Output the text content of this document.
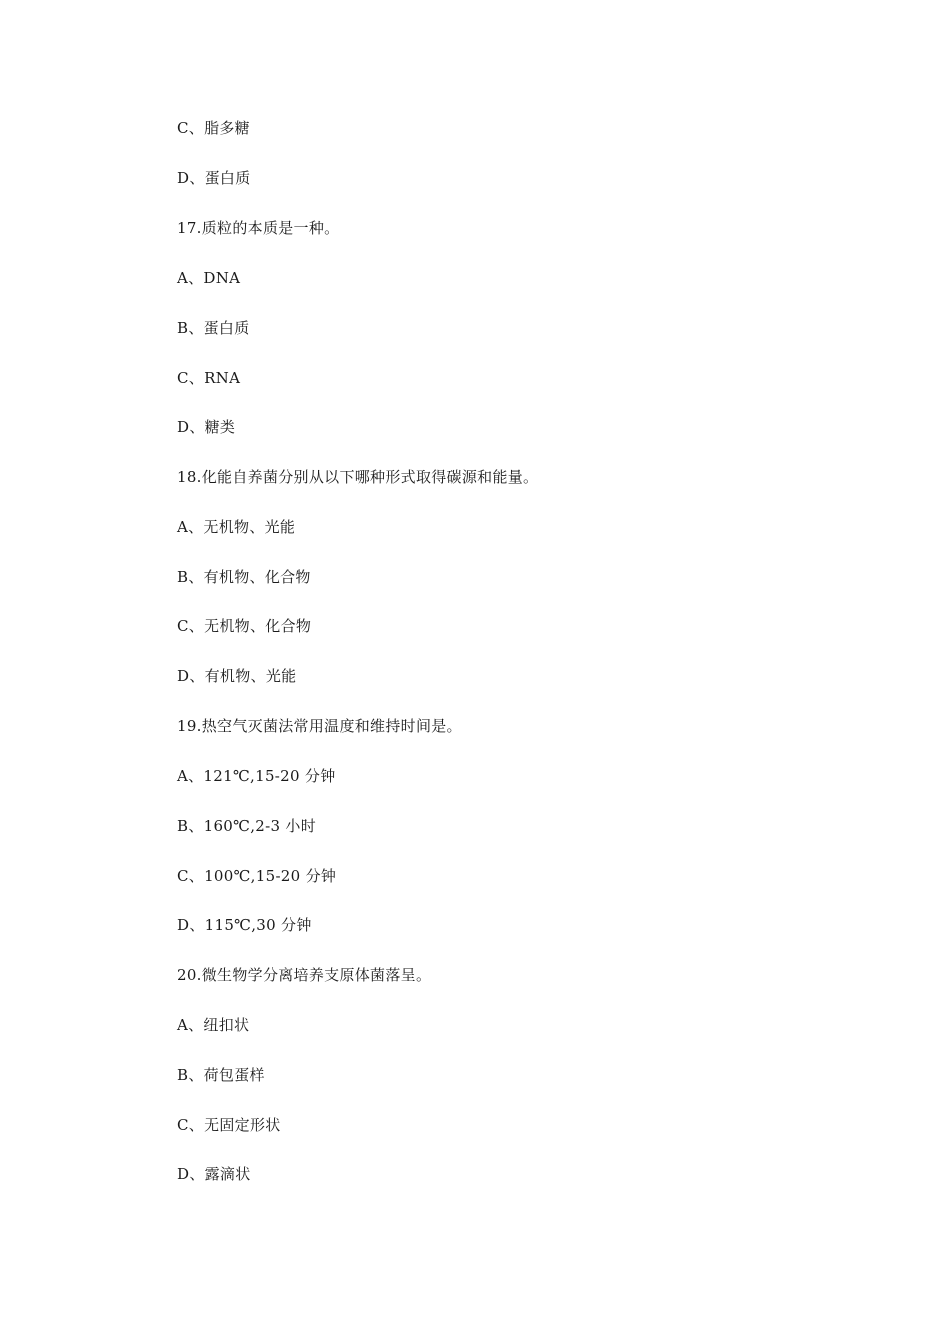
C、脂多糖
D、蛋白质
17.质粒的本质是一种。
A、DNA
B、蛋白质
C、RNA
D、糖类
18.化能自养菌分别从以下哪种形式取得碳源和能量。
A、无机物、光能
B、有机物、化合物
C、无机物、化合物
D、有机物、光能
19.热空气灭菌法常用温度和维持时间是。
A、121℃,15-20 分钟
B、160℃,2-3 小时
C、100℃,15-20 分钟
D、115℃,30 分钟
20.微生物学分离培养支原体菌落呈。
A、纽扣状
B、荷包蛋样
C、无固定形状
D、露滴状
